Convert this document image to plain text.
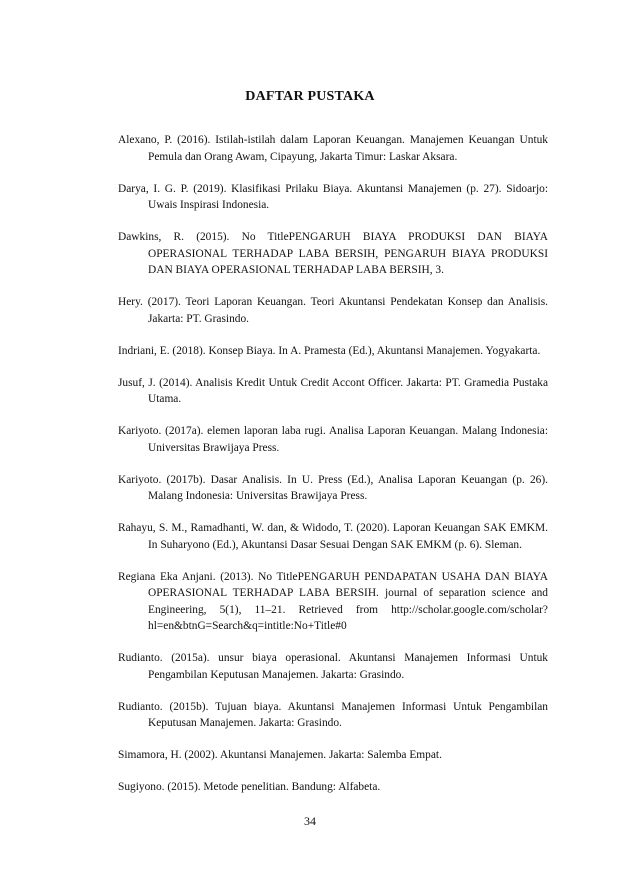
DAFTAR PUSTAKA

Alexano, P. (2016). Istilah-istilah dalam Laporan Keuangan. Manajemen Keuangan Untuk Pemula dan Orang Awam, Cipayung, Jakarta Timur: Laskar Aksara.

Darya, I. G. P. (2019). Klasifikasi Prilaku Biaya. Akuntansi Manajemen (p. 27). Sidoarjo: Uwais Inspirasi Indonesia.

Dawkins, R. (2015). No TitlePENGARUH BIAYA PRODUKSI DAN BIAYA OPERASIONAL TERHADAP LABA BERSIH, PENGARUH BIAYA PRODUKSI DAN BIAYA OPERASIONAL TERHADAP LABA BERSIH, 3.

Hery. (2017). Teori Laporan Keuangan. Teori Akuntansi Pendekatan Konsep dan Analisis. Jakarta: PT. Grasindo.

Indriani, E. (2018). Konsep Biaya. In A. Pramesta (Ed.), Akuntansi Manajemen. Yogyakarta.

Jusuf, J. (2014). Analisis Kredit Untuk Credit Accont Officer. Jakarta: PT. Gramedia Pustaka Utama.

Kariyoto. (2017a). elemen laporan laba rugi. Analisa Laporan Keuangan. Malang Indonesia: Universitas Brawijaya Press.

Kariyoto. (2017b). Dasar Analisis. In U. Press (Ed.), Analisa Laporan Keuangan (p. 26). Malang Indonesia: Universitas Brawijaya Press.

Rahayu, S. M., Ramadhanti, W. dan, & Widodo, T. (2020). Laporan Keuangan SAK EMKM. In Suharyono (Ed.), Akuntansi Dasar Sesuai Dengan SAK EMKM (p. 6). Sleman.

Regiana Eka Anjani. (2013). No TitlePENGARUH PENDAPATAN USAHA DAN BIAYA OPERASIONAL TERHADAP LABA BERSIH. journal of separation science and Engineering, 5(1), 11–21. Retrieved from http://scholar.google.com/scholar?hl=en&btnG=Search&q=intitle:No+Title#0

Rudianto. (2015a). unsur biaya operasional. Akuntansi Manajemen Informasi Untuk Pengambilan Keputusan Manajemen. Jakarta: Grasindo.

Rudianto. (2015b). Tujuan biaya. Akuntansi Manajemen Informasi Untuk Pengambilan Keputusan Manajemen. Jakarta: Grasindo.

Simamora, H. (2002). Akuntansi Manajemen. Jakarta: Salemba Empat.

Sugiyono. (2015). Metode penelitian. Bandung: Alfabeta.

34
